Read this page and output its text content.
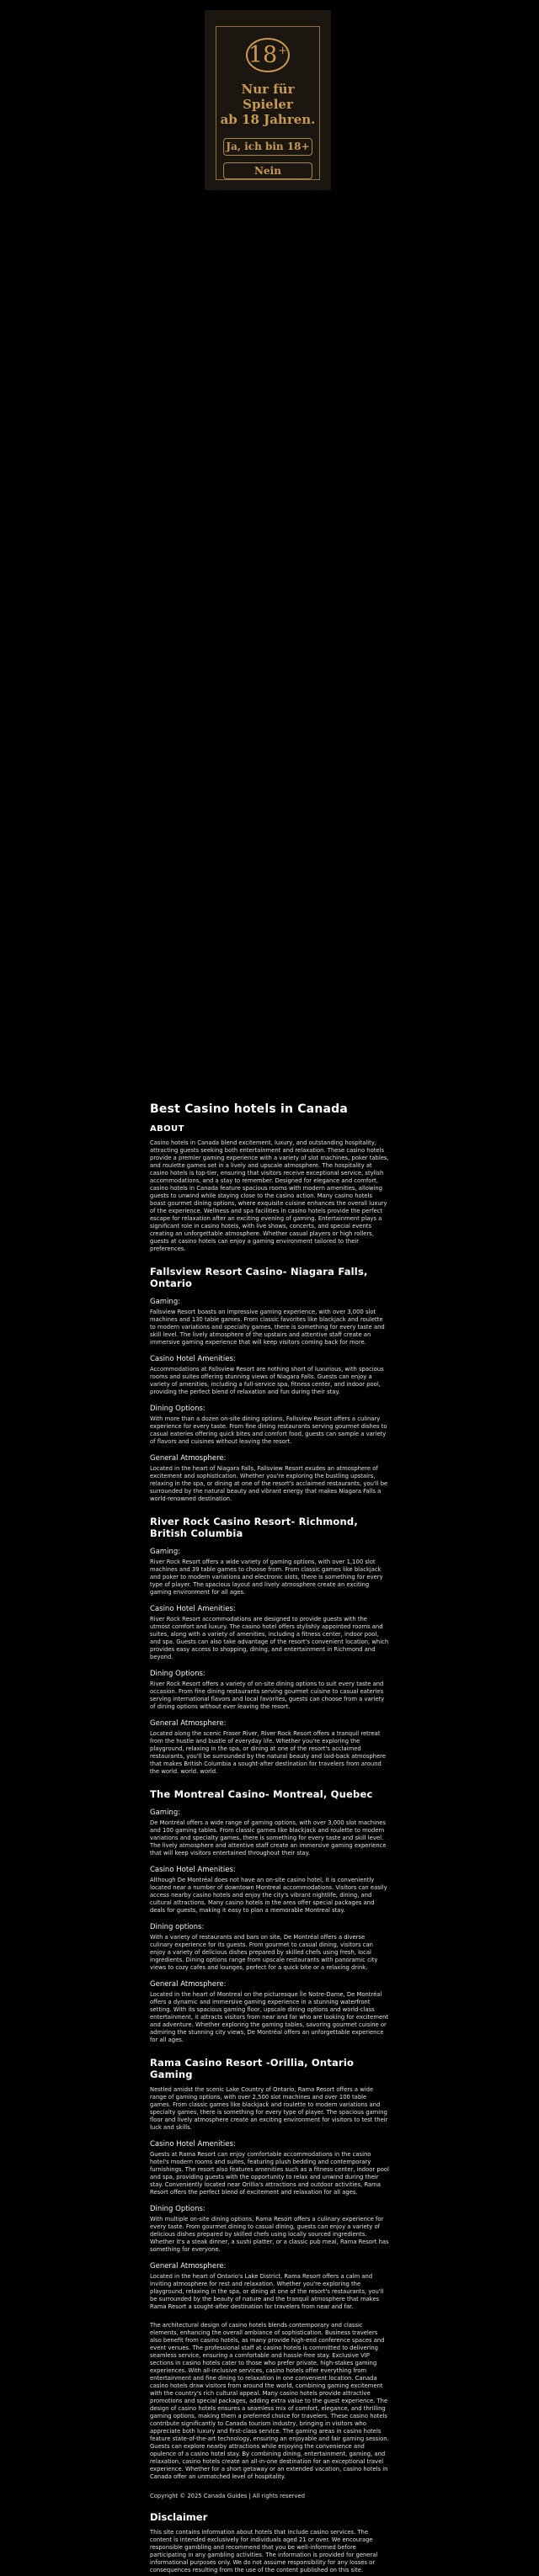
18 +
Nur für Spieler
ab 18 Jahren.
Ja, ich bin 18+
Nein
Best Casino hotels in Canada
ABOUT

Casino hotels in Canada blend excitement, luxury, and outstanding hospitality, attracting guests seeking both entertainment and relaxation. These casino hotels provide a premier gaming experience with a variety of slot machines, poker tables, and roulette games set in a lively and upscale atmosphere. The hospitality at casino hotels is top-tier, ensuring that visitors receive exceptional service, stylish accommodations, and a stay to remember. Designed for elegance and comfort, casino hotels in Canada feature spacious rooms with modern amenities, allowing guests to unwind while staying close to the casino action. Many casino hotels boast gourmet dining options, where exquisite cuisine enhances the overall luxury of the experience. Wellness and spa facilities in casino hotels provide the perfect escape for relaxation after an exciting evening of gaming. Entertainment plays a significant role in casino hotels, with live shows, concerts, and special events creating an unforgettable atmosphere. Whether casual players or high rollers, guests at casino hotels can enjoy a gaming environment tailored to their preferences.

Fallsview Resort Casino- Niagara Falls, Ontario
Gaming:

Fallsview Resort boasts an impressive gaming experience, with over 3,000 slot machines and 130 table games. From classic favorites like blackjack and roulette to modern variations and specialty games, there is something for every taste and skill level. The lively atmosphere of the upstairs and attentive staff create an immersive gaming experience that will keep visitors coming back for more.

Casino Hotel Amenities:

Accommodations at Fallsview Resort are nothing short of luxurious, with spacious rooms and suites offering stunning views of Niagara Falls. Guests can enjoy a variety of amenities, including a full-service spa, fitness center, and indoor pool, providing the perfect blend of relaxation and fun during their stay.

Dining Options:

With more than a dozen on-site dining options, Fallsview Resort offers a culinary experience for every taste. From fine dining restaurants serving gourmet dishes to casual eateries offering quick bites and comfort food, guests can sample a variety of flavors and cuisines without leaving the resort.

General Atmosphere:

Located in the heart of Niagara Falls, Fallsview Resort exudes an atmosphere of excitement and sophistication. Whether you're exploring the bustling upstairs, relaxing in the spa, or dining at one of the resort's acclaimed restaurants, you'll be surrounded by the natural beauty and vibrant energy that makes Niagara Falls a world-renowned destination.

River Rock Casino Resort- Richmond, British Columbia
Gaming:

River Rock Resort offers a wide variety of gaming options, with over 1,100 slot machines and 39 table games to choose from. From classic games like blackjack and poker to modern variations and electronic slots, there is something for every type of player. The spacious layout and lively atmosphere create an exciting gaming environment for all ages.

Casino Hotel Amenities:

River Rock Resort accommodations are designed to provide guests with the utmost comfort and luxury. The casino hotel offers stylishly appointed rooms and suites, along with a variety of amenities, including a fitness center, indoor pool, and spa. Guests can also take advantage of the resort's convenient location, which provides easy access to shopping, dining, and entertainment in Richmond and beyond.

Dining Options:

River Rock Resort offers a variety of on-site dining options to suit every taste and occasion. From fine dining restaurants serving gourmet cuisine to casual eateries serving international flavors and local favorites, guests can choose from a variety of dining options without ever leaving the resort.

General Atmosphere:

Located along the scenic Fraser River, River Rock Resort offers a tranquil retreat from the hustle and bustle of everyday life. Whether you're exploring the playground, relaxing in the spa, or dining at one of the resort's acclaimed restaurants, you'll be surrounded by the natural beauty and laid-back atmosphere that makes British Columbia a sought-after destination for travelers from around the world. world. world.

The Montreal Casino- Montreal, Quebec
Gaming:

De Montréal offers a wide range of gaming options, with over 3,000 slot machines and 100 gaming tables. From classic games like blackjack and roulette to modern variations and specialty games, there is something for every taste and skill level. The lively atmosphere and attentive staff create an immersive gaming experience that will keep visitors entertained throughout their stay.

Casino Hotel Amenities:

Although De Montréal does not have an on-site casino hotel, it is conveniently located near a number of downtown Montreal accommodations. Visitors can easily access nearby casino hotels and enjoy the city's vibrant nightlife, dining, and cultural attractions. Many casino hotels in the area offer special packages and deals for guests, making it easy to plan a memorable Montreal stay.

Dining options:

With a variety of restaurants and bars on site, De Montréal offers a diverse culinary experience for its guests. From gourmet to casual dining, visitors can enjoy a variety of delicious dishes prepared by skilled chefs using fresh, local ingredients. Dining options range from upscale restaurants with panoramic city views to cozy cafes and lounges, perfect for a quick bite or a relaxing drink.

General Atmosphere:

Located in the heart of Montreal on the picturesque Île Notre-Dame, De Montréal offers a dynamic and immersive gaming experience in a stunning waterfront setting. With its spacious gaming floor, upscale dining options and world-class entertainment, it attracts visitors from near and far who are looking for excitement and adventure. Whether exploring the gaming tables, savoring gourmet cuisine or admiring the stunning city views, De Montréal offers an unforgettable experience for all ages.

Rama Casino Resort -Orillia, Ontario Gaming

Nestled amidst the scenic Lake Country of Ontario, Rama Resort offers a wide range of gaming options, with over 2,500 slot machines and over 100 table games. From classic games like blackjack and roulette to modern variations and specialty games, there is something for every type of player. The spacious gaming floor and lively atmosphere create an exciting environment for visitors to test their luck and skills.

Casino Hotel Amenities:

Guests at Rama Resort can enjoy comfortable accommodations in the casino hotel's modern rooms and suites, featuring plush bedding and contemporary furnishings. The resort also features amenities such as a fitness center, indoor pool and spa, providing guests with the opportunity to relax and unwind during their stay. Conveniently located near Orillia's attractions and outdoor activities, Rama Resort offers the perfect blend of excitement and relaxation for all ages.

Dining Options:

With multiple on-site dining options, Rama Resort offers a culinary experience for every taste. From gourmet dining to casual dining, guests can enjoy a variety of delicious dishes prepared by skilled chefs using locally sourced ingredients. Whether it's a steak dinner, a sushi platter, or a classic pub meal, Rama Resort has something for everyone.

General Atmosphere:

Located in the heart of Ontario's Lake District, Rama Resort offers a calm and inviting atmosphere for rest and relaxation. Whether you're exploring the playground, relaxing in the spa, or dining at one of the resort's restaurants, you'll be surrounded by the beauty of nature and the tranquil atmosphere that makes Rama Resort a sought-after destination for travelers from near and far.

The architectural design of casino hotels blends contemporary and classic elements, enhancing the overall ambiance of sophistication. Business travelers also benefit from casino hotels, as many provide high-end conference spaces and event venues. The professional staff at casino hotels is committed to delivering seamless service, ensuring a comfortable and hassle-free stay. Exclusive VIP sections in casino hotels cater to those who prefer private, high-stakes gaming experiences. With all-inclusive services, casino hotels offer everything from entertainment and fine dining to relaxation in one convenient location. Canada casino hotels draw visitors from around the world, combining gaming excitement with the country's rich cultural appeal. Many casino hotels provide attractive promotions and special packages, adding extra value to the guest experience. The design of casino hotels ensures a seamless mix of comfort, elegance, and thrilling gaming options, making them a preferred choice for travelers. These casino hotels contribute significantly to Canada tourism industry, bringing in visitors who appreciate both luxury and first-class service. The gaming areas in casino hotels feature state-of-the-art technology, ensuring an enjoyable and fair gaming session. Guests can explore nearby attractions while enjoying the convenience and opulence of a casino hotel stay. By combining dining, entertainment, gaming, and relaxation, casino hotels create an all-in-one destination for an exceptional travel experience. Whether for a short getaway or an extended vacation, casino hotels in Canada offer an unmatched level of hospitality.

Copyright © 2025 Canada Guides | All rights reserved

Disclaimer

This site contains information about hotels that include casino services. The content is intended exclusively for individuals aged 21 or over. We encourage responsible gambling and recommend that you be well-informed before participating in any gambling activities. The information is provided for general informational purposes only. We do not assume responsibility for any losses or consequences resulting from the use of the content published on this site.
